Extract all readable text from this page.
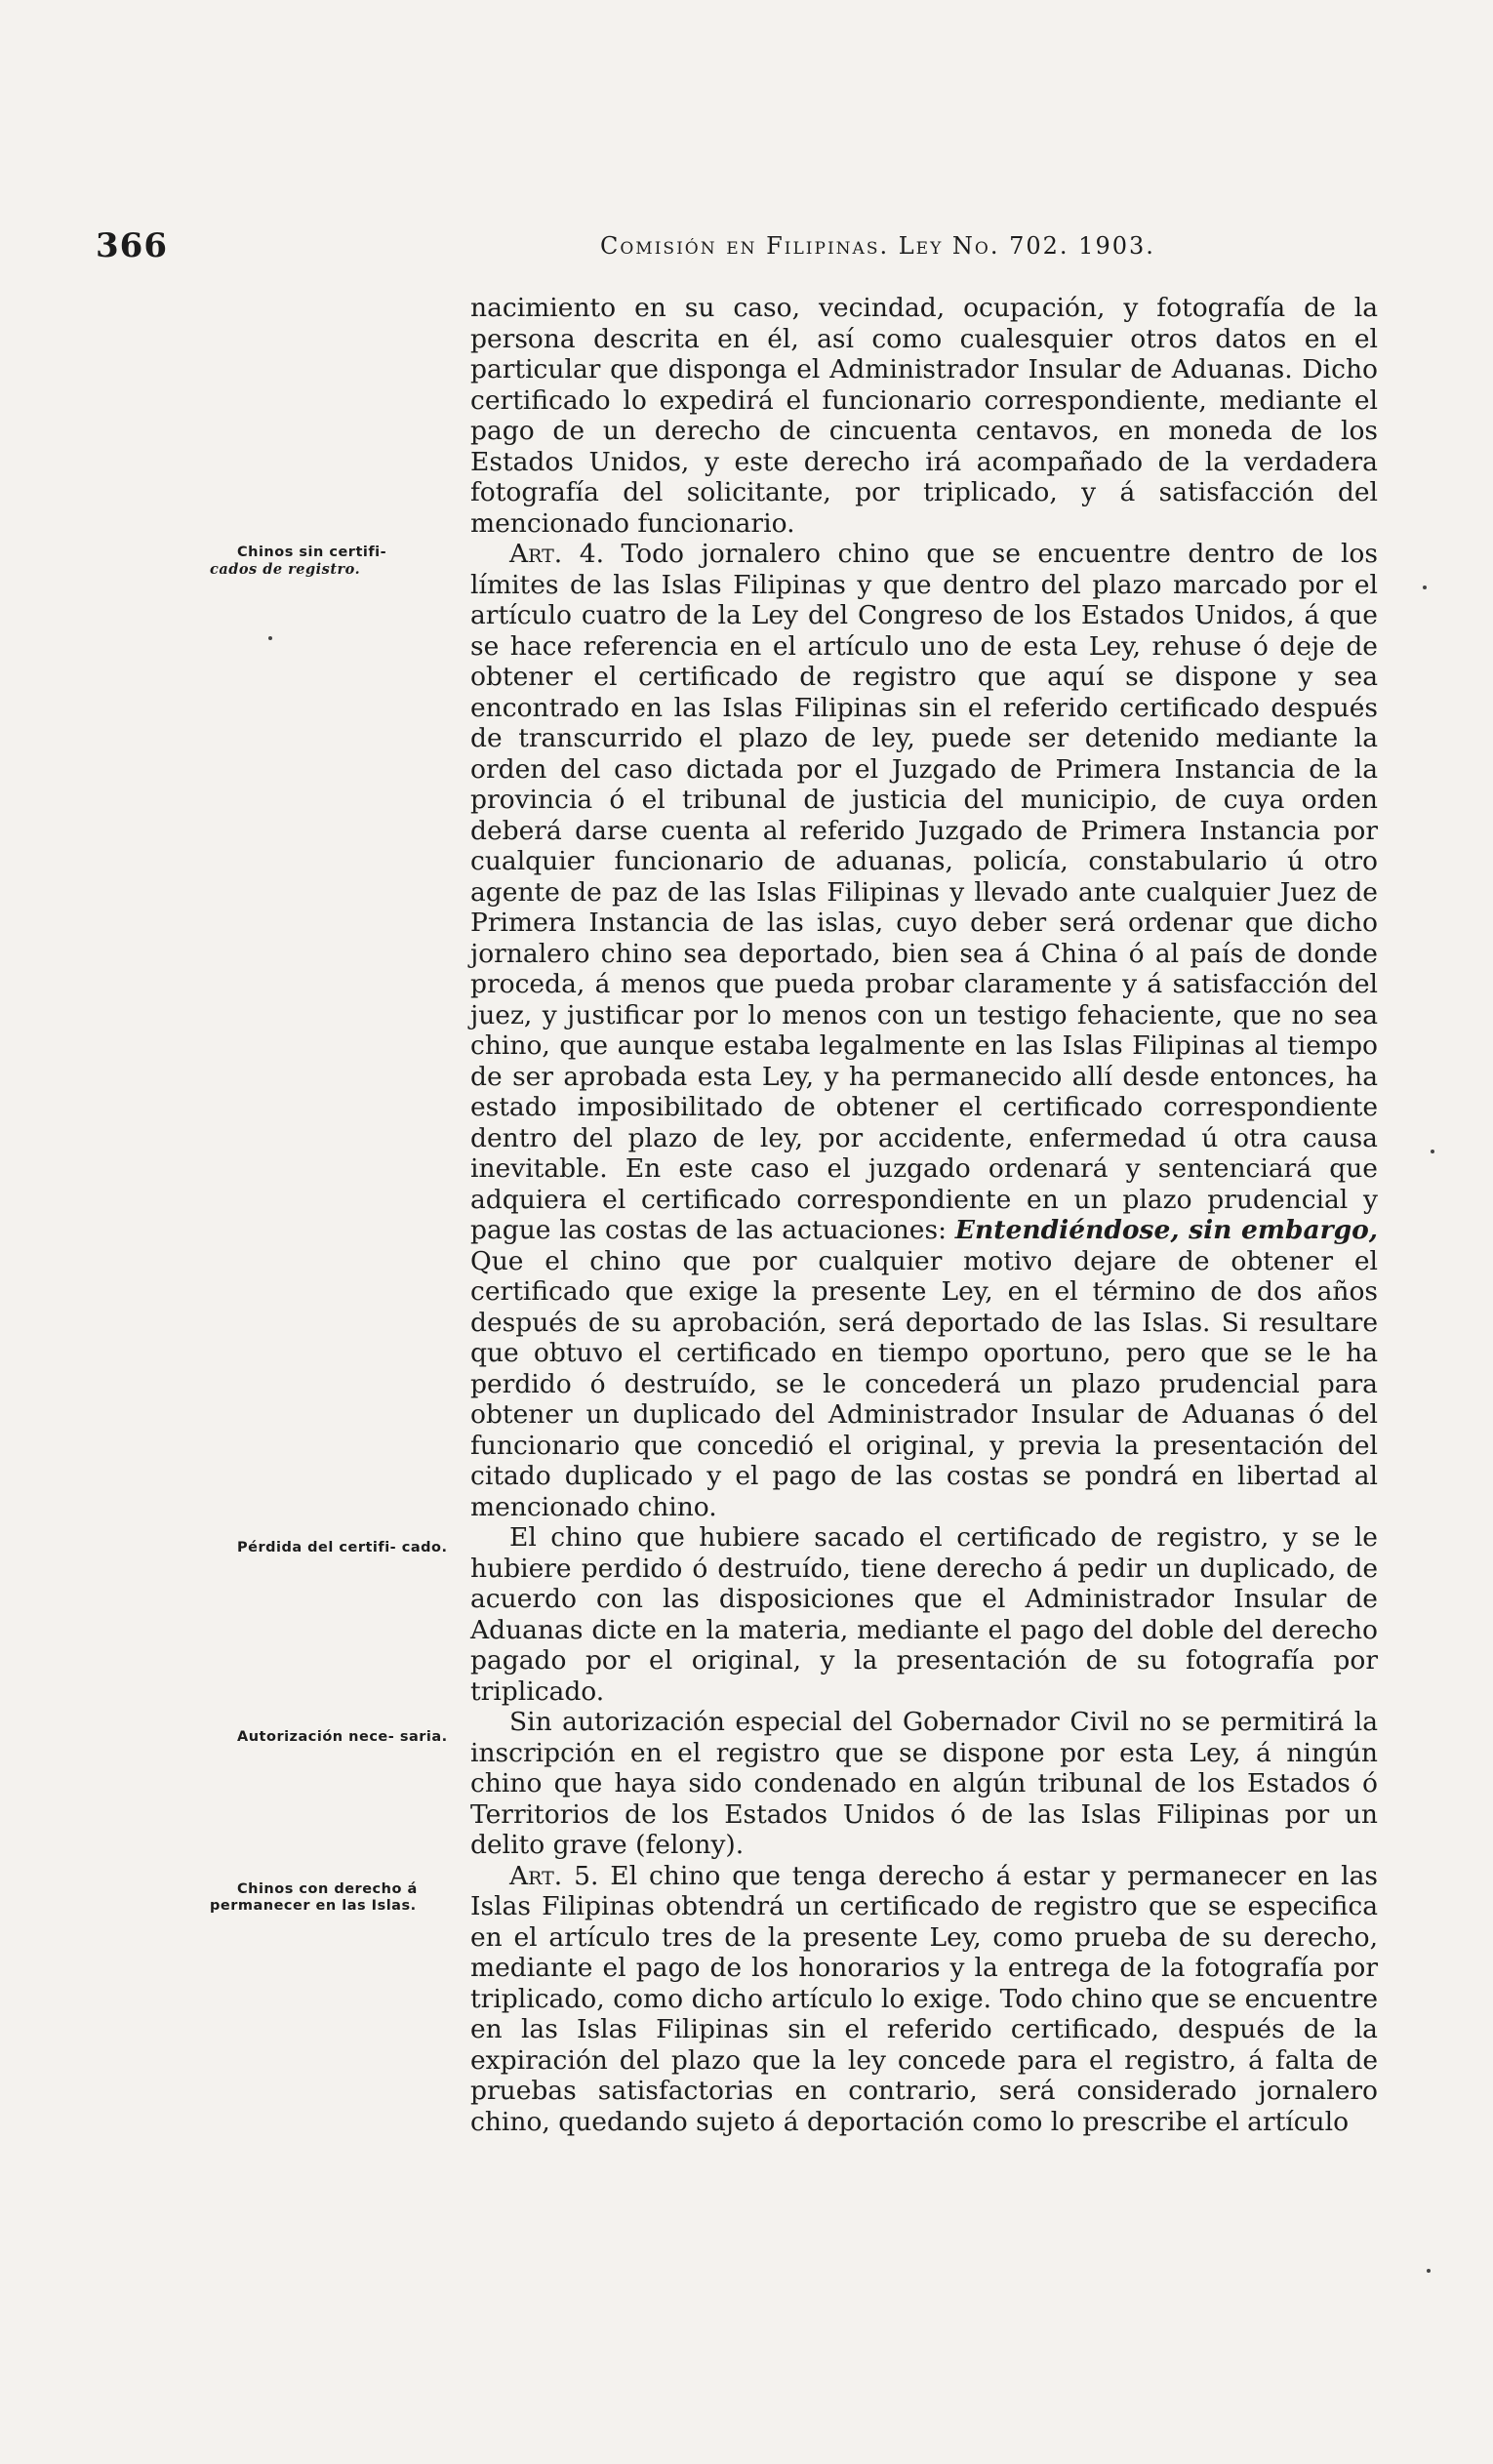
366	Comisión en Filipinas. Ley No. 702. 1903.
Chinos sin certifi-
cados de registro.
Pérdida del certifi- cado.
Autorización nece- saria.
Chinos con derecho á permanecer en las Islas.

nacimiento en su caso, vecindad, ocupación, y fotografía de la persona descrita en él, así como cualesquier otros datos en el particular que disponga el Administrador Insular de Aduanas. Dicho certificado lo expedirá el funcionario correspondiente, mediante el pago de un derecho de cincuenta centavos, en moneda de los Estados Unidos, y este derecho irá acompañado de la verdadera fotografía del solicitante, por triplicado, y á satisfacción del mencionado funcionario.

Art. 4. Todo jornalero chino que se encuentre dentro de los límites de las Islas Filipinas y que dentro del plazo marcado por el artículo cuatro de la Ley del Congreso de los Estados Unidos, á que se hace referencia en el artículo uno de esta Ley, rehuse ó deje de obtener el certificado de registro que aquí se dispone y sea encontrado en las Islas Filipinas sin el referido certificado después de transcurrido el plazo de ley, puede ser detenido mediante la orden del caso dictada por el Juzgado de Primera Instancia de la provincia ó el tribunal de justicia del municipio, de cuya orden deberá darse cuenta al referido Juzgado de Primera Instancia por cualquier funcionario de aduanas, policía, constabulario ú otro agente de paz de las Islas Filipinas y llevado ante cualquier Juez de Primera Instancia de las islas, cuyo deber será ordenar que dicho jornalero chino sea deportado, bien sea á China ó al país de donde proceda, á menos que pueda probar claramente y á satisfacción del juez, y justificar por lo menos con un testigo fehaciente, que no sea chino, que aunque estaba legalmente en las Islas Filipinas al tiempo de ser aprobada esta Ley, y ha permanecido allí desde entonces, ha estado imposibilitado de obtener el certificado correspondiente dentro del plazo de ley, por accidente, enfermedad ú otra causa inevitable. En este caso el juzgado ordenará y sentenciará que adquiera el certificado correspondiente en un plazo prudencial y pague las costas de las actuaciones: Entendiéndose, sin embargo, Que el chino que por cualquier motivo dejare de obtener el certificado que exige la presente Ley, en el término de dos años después de su aprobación, será deportado de las Islas. Si resultare que obtuvo el certificado en tiempo oportuno, pero que se le ha perdido ó destruído, se le concederá un plazo prudencial para obtener un duplicado del Administrador Insular de Aduanas ó del funcionario que concedió el original, y previa la presentación del citado duplicado y el pago de las costas se pondrá en libertad al mencionado chino.

El chino que hubiere sacado el certificado de registro, y se le hubiere perdido ó destruído, tiene derecho á pedir un duplicado, de acuerdo con las disposiciones que el Administrador Insular de Aduanas dicte en la materia, mediante el pago del doble del derecho pagado por el original, y la presentación de su fotografía por triplicado.

Sin autorización especial del Gobernador Civil no se permitirá la inscripción en el registro que se dispone por esta Ley, á ningún chino que haya sido condenado en algún tribunal de los Estados ó Territorios de los Estados Unidos ó de las Islas Filipinas por un delito grave (felony).

Art. 5. El chino que tenga derecho á estar y permanecer en las Islas Filipinas obtendrá un certificado de registro que se especifica en el artículo tres de la presente Ley, como prueba de su derecho, mediante el pago de los honorarios y la entrega de la fotografía por triplicado, como dicho artículo lo exige. Todo chino que se encuentre en las Islas Filipinas sin el referido certificado, después de la expiración del plazo que la ley concede para el registro, á falta de pruebas satisfactorias en contrario, será considerado jornalero chino, quedando sujeto á deportación como lo prescribe el artículo
